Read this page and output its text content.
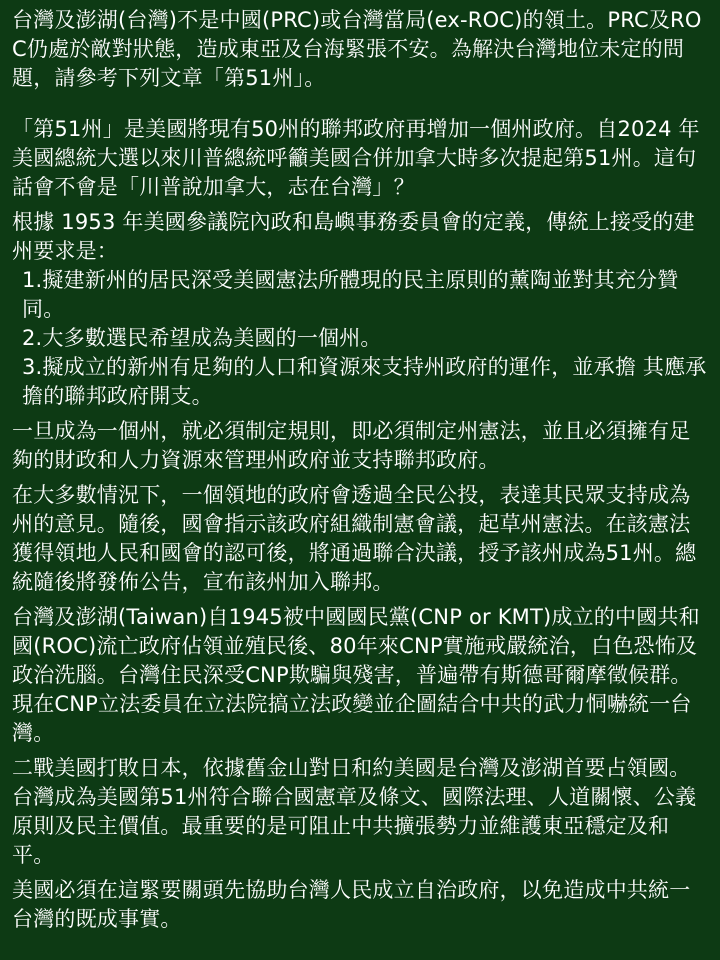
台灣及澎湖(台灣)不是中國(PRC)或台灣當局(ex-ROC)的領土。PRC及ROC仍處於敵對狀態，造成東亞及台海緊張不安。為解決台灣地位未定的問題，請參考下列文章「第51州」。

「第51州」是美國將現有50州的聯邦政府再增加一個州政府。自2024 年美國總統大選以來川普總統呼籲美國合併加拿大時多次提起第51州。這句話會不會是「川普說加拿大，志在台灣」？

根據 1953 年美國參議院內政和島嶼事務委員會的定義，傳統上接受的建州要求是：

1.擬建新州的居民深受美國憲法所體現的民主原則的薰陶並對其充分贊同。

2.大多數選民希望成為美國的一個州。

3.擬成立的新州有足夠的人口和資源來支持州政府的運作，並承擔 其應承擔的聯邦政府開支。

一旦成為一個州，就必須制定規則，即必須制定州憲法，並且必須擁有足夠的財政和人力資源來管理州政府並支持聯邦政府。

在大多數情況下，一個領地的政府會透過全民公投，表達其民眾支持成為州的意見。隨後，國會指示該政府組織制憲會議，起草州憲法。在該憲法獲得領地人民和國會的認可後，將通過聯合決議，授予該州成為51州。總統隨後將發佈公告，宣布該州加入聯邦。

台灣及澎湖(Taiwan)自1945被中國國民黨(CNP or KMT)成立的中國共和國(ROC)流亡政府佔領並殖民後、80年來CNP實施戒嚴統治，白色恐怖及政治洗腦。台灣住民深受CNP欺騙與殘害，普遍帶有斯德哥爾摩徵候群。現在CNP立法委員在立法院搞立法政變並企圖結合中共的武力恫嚇統一台灣。

二戰美國打敗日本，依據舊金山對日和約美國是台灣及澎湖首要占領國。台灣成為美國第51州符合聯合國憲章及條文、國際法理、人道關懷、公義原則及民主價值。最重要的是可阻止中共擴張勢力並維護東亞穩定及和平。

美國必須在這緊要關頭先協助台灣人民成立自治政府，以免造成中共統一台灣的既成事實。
